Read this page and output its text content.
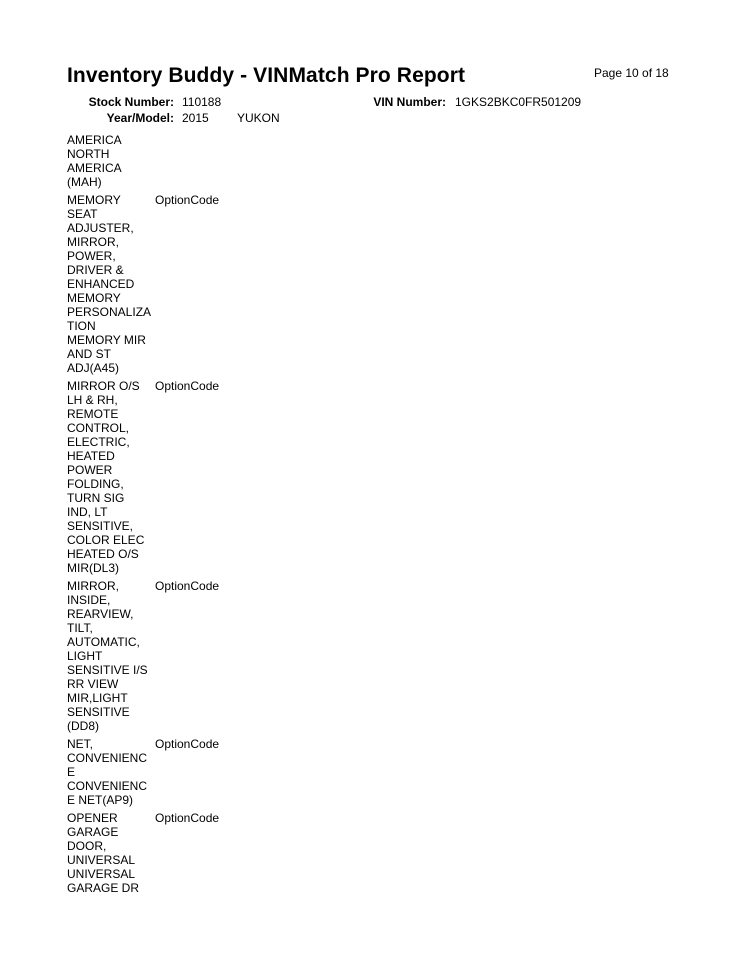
Inventory Buddy - VINMatch Pro Report	Page 10 of 18
Stock Number: 110188	VIN Number: 1GKS2BKC0FR501209
Year/Model: 2015 YUKON
AMERICA
NORTH
AMERICA
(MAH)
MEMORY
SEAT
ADJUSTER,
MIRROR,
POWER,
DRIVER &
ENHANCED
MEMORY
PERSONALIZA
TION
MEMORY MIR
AND ST
ADJ(A45)
OptionCode
MIRROR O/S
LH & RH,
REMOTE
CONTROL,
ELECTRIC,
HEATED
POWER
FOLDING,
TURN SIG
IND, LT
SENSITIVE,
COLOR ELEC
HEATED O/S
MIR(DL3)
OptionCode
MIRROR,
INSIDE,
REARVIEW,
TILT,
AUTOMATIC,
LIGHT
SENSITIVE I/S
RR VIEW
MIR,LIGHT
SENSITIVE
(DD8)
OptionCode
NET,
CONVENIENC
E
CONVENIENC
E NET(AP9)
OptionCode
OPENER
GARAGE
DOOR,
UNIVERSAL
UNIVERSAL
GARAGE DR
OptionCode
